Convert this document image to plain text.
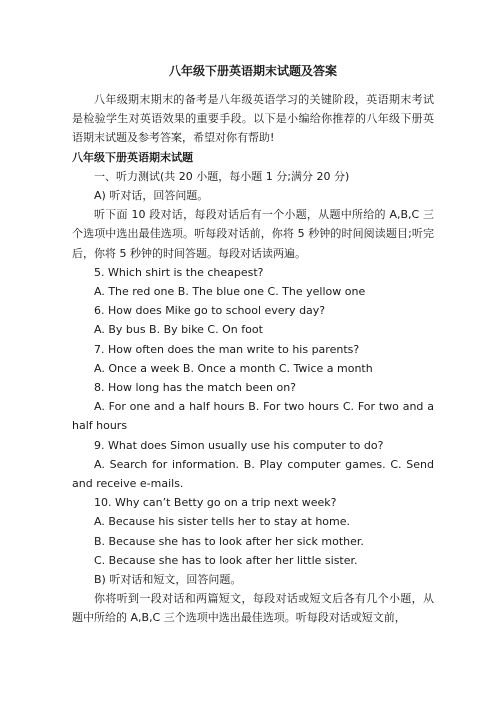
八年级下册英语期末试题及答案

八年级期末期末的备考是八年级英语学习的关键阶段，英语期末考试是检验学生对英语效果的重要手段。以下是小编给你推荐的八年级下册英语期末试题及参考答案，希望对你有帮助!

八年级下册英语期末试题

一、听力测试(共 20 小题，每小题 1 分;满分 20 分)

A) 听对话，回答问题。

听下面 10 段对话，每段对话后有一个小题，从题中所给的 A,B,C 三个选项中选出最佳选项。听每段对话前，你将 5 秒钟的时间阅读题目;听完后，你将 5 秒钟的时间答题。每段对话读两遍。

5. Which shirt is the cheapest?

A. The red one B. The blue one C. The yellow one

6. How does Mike go to school every day?

A. By bus B. By bike C. On foot

7. How often does the man write to his parents?

A. Once a week B. Once a month C. Twice a month

8. How long has the match been on?

A. For one and a half hours B. For two hours C. For two and a half hours

9. What does Simon usually use his computer to do?

A. Search for information. B. Play computer games. C. Send and receive e-mails.

10. Why can’t Betty go on a trip next week?

A. Because his sister tells her to stay at home.

B. Because she has to look after her sick mother.

C. Because she has to look after her little sister.

B) 听对话和短文，回答问题。

你将听到一段对话和两篇短文，每段对话或短文后各有几个小题，从题中所给的 A,B,C 三个选项中选出最佳选项。听每段对话或短文前，
